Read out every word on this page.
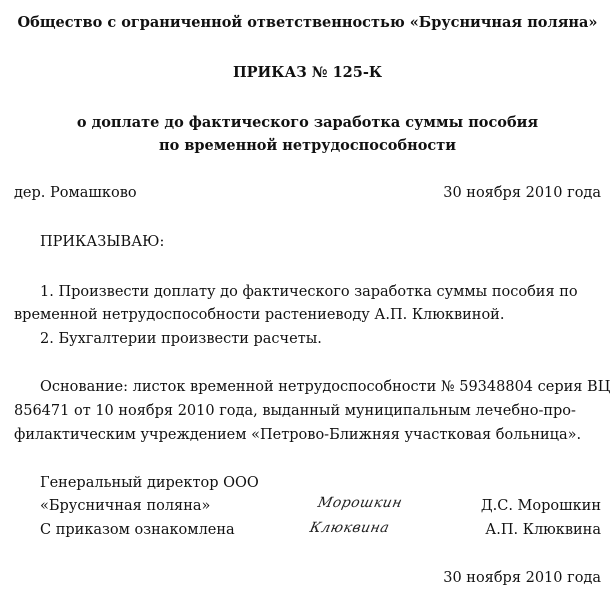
Общество с ограниченной ответственностью «Брусничная поляна»
ПРИКАЗ № 125-К
о доплате до фактического заработка суммы пособия
по временной нетрудоспособности
дер. Ромашково	30 ноября 2010 года
ПРИКАЗЫВАЮ:
1. Произвести доплату до фактического заработка суммы пособия по
временной нетрудоспособности растениеводу А.П. Клюквиной.
2. Бухгалтерии произвести расчеты.
Основание: листок временной нетрудоспособности № 59348804 серия ВЦ
856471 от 10 ноября 2010 года, выданный муниципальным лечебно-про-
филактическим учреждением «Петрово-Ближняя участковая больница».
Генеральный директор ООО
«Брусничная поляна»	Морошкин	Д.С. Морошкин
С приказом ознакомлена	Клюквина	А.П. Клюквина
30 ноября 2010 года
